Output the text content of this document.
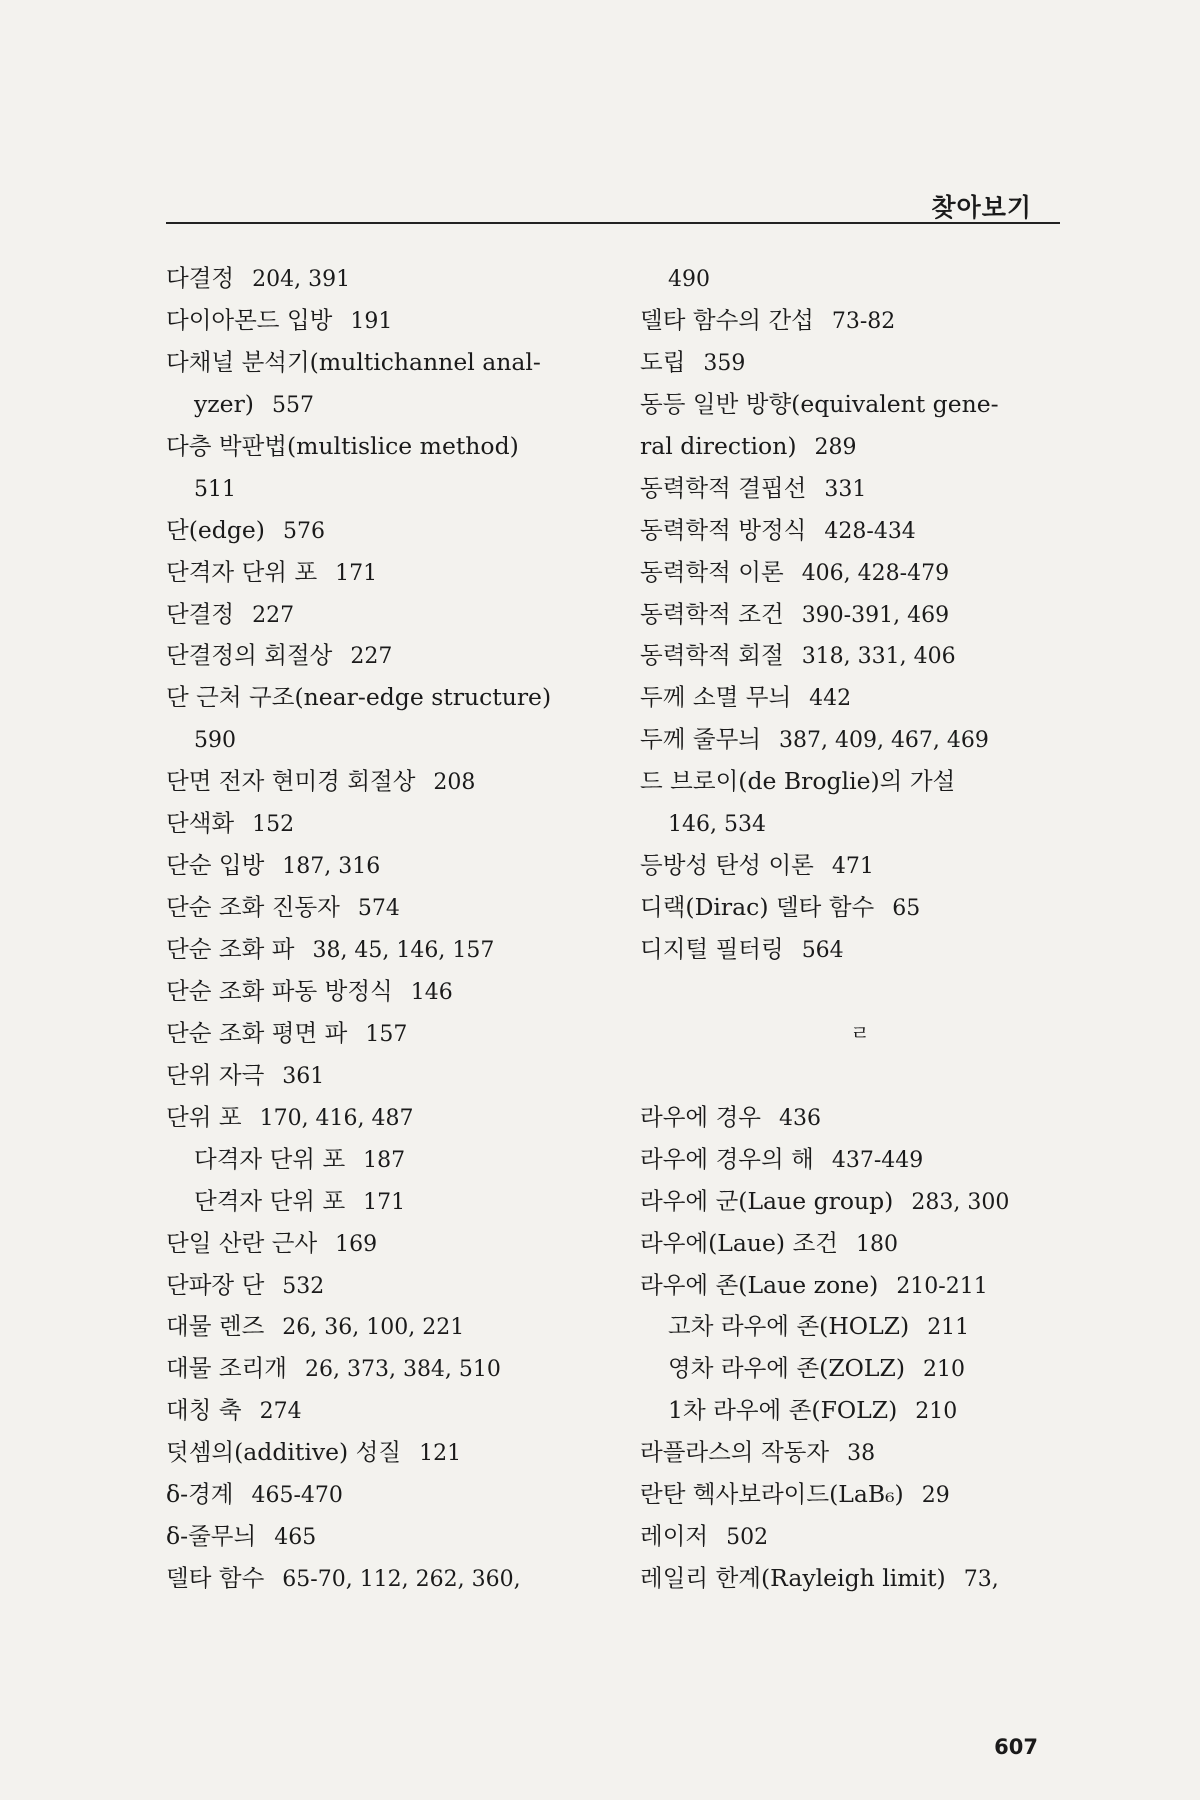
찾아보기
다결정 204, 391
다이아몬드 입방 191
다채널 분석기(multichannel anal-
yzer) 557
다층 박판법(multislice method)
511
단(edge) 576
단격자 단위 포 171
단결정 227
단결정의 회절상 227
단 근처 구조(near-edge structure)
590
단면 전자 현미경 회절상 208
단색화 152
단순 입방 187, 316
단순 조화 진동자 574
단순 조화 파 38, 45, 146, 157
단순 조화 파동 방정식 146
단순 조화 평면 파 157
단위 자극 361
단위 포 170, 416, 487
다격자 단위 포 187
단격자 단위 포 171
단일 산란 근사 169
단파장 단 532
대물 렌즈 26, 36, 100, 221
대물 조리개 26, 373, 384, 510
대칭 축 274
덧셈의(additive) 성질 121
δ-경계 465-470
δ-줄무늬 465
델타 함수 65-70, 112, 262, 360,
490
델타 함수의 간섭 73-82
도립 359
동등 일반 방향(equivalent gene-
ral direction) 289
동력학적 결핍선 331
동력학적 방정식 428-434
동력학적 이론 406, 428-479
동력학적 조건 390-391, 469
동력학적 회절 318, 331, 406
두께 소멸 무늬 442
두께 줄무늬 387, 409, 467, 469
드 브로이(de Broglie)의 가설
146, 534
등방성 탄성 이론 471
디랙(Dirac) 델타 함수 65
디지털 필터링 564
ㄹ
라우에 경우 436
라우에 경우의 해 437-449
라우에 군(Laue group) 283, 300
라우에(Laue) 조건 180
라우에 존(Laue zone) 210-211
고차 라우에 존(HOLZ) 211
영차 라우에 존(ZOLZ) 210
1차 라우에 존(FOLZ) 210
라플라스의 작동자 38
란탄 헥사보라이드(LaB₆) 29
레이저 502
레일리 한계(Rayleigh limit) 73,
607
